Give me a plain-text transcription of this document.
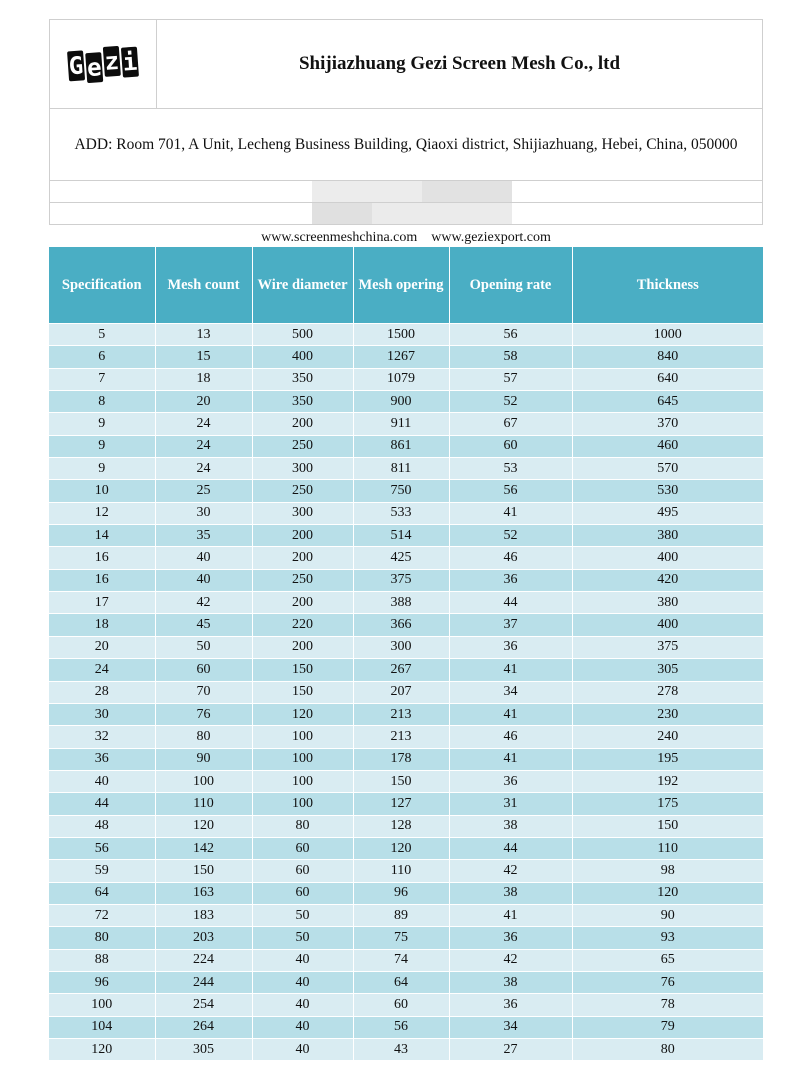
G e z i	Shijiazhuang Gezi Screen Mesh Co., ltd
ADD: Room 701, A Unit, Lecheng Business Building, Qiaoxi district, Shijiazhuang, Hebei, China, 050000
www.screenmeshchina.com www.geziexport.com
Specification	Mesh count	Wire diameter	Mesh opering	Opening rate	Thickness
5	13	500	1500	56	1000
6	15	400	1267	58	840
7	18	350	1079	57	640
8	20	350	900	52	645
9	24	200	911	67	370
9	24	250	861	60	460
9	24	300	811	53	570
10	25	250	750	56	530
12	30	300	533	41	495
14	35	200	514	52	380
16	40	200	425	46	400
16	40	250	375	36	420
17	42	200	388	44	380
18	45	220	366	37	400
20	50	200	300	36	375
24	60	150	267	41	305
28	70	150	207	34	278
30	76	120	213	41	230
32	80	100	213	46	240
36	90	100	178	41	195
40	100	100	150	36	192
44	110	100	127	31	175
48	120	80	128	38	150
56	142	60	120	44	110
59	150	60	110	42	98
64	163	60	96	38	120
72	183	50	89	41	90
80	203	50	75	36	93
88	224	40	74	42	65
96	244	40	64	38	76
100	254	40	60	36	78
104	264	40	56	34	79
120	305	40	43	27	80
